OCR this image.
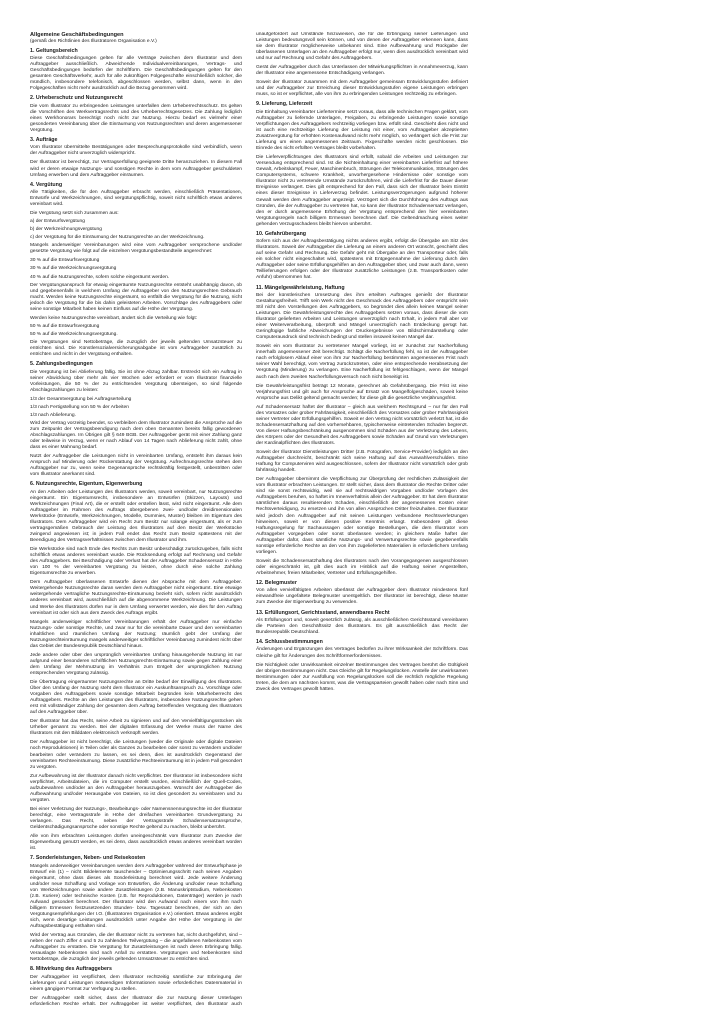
Allgemeine Geschäftsbedingungen

(gemäß den Richtlinien des Illustratoren Organisation e.V.)

1. Geltungsbereich

Diese Geschäftsbedingungen gelten für alle Verträge zwischen dem Illustrator und dem Auftraggeber ausschließlich. Abweichende Individualvereinbarungen, Vertrags- und Geschäftsbedingungen bedürfen der Schriftform. Die Geschäftsbedingungen gelten für den gesamten Geschäftsverkehr, auch für alle zukünftigen Folgegeschäfte einschließlich solcher, die mündlich, insbesondere telefonisch, abgeschlossen werden, selbst dann, wenn in den Folgegeschäften nicht mehr ausdrücklich auf die Bezug genommen wird.

2. Urheberschutz und Nutzungsrecht

Die vom Illustrator zu erbringenden Leistungen unterfallen dem Urheberrechtsschutz. Es gelten die Vorschriften des Werkvertragsrechts und des Urheberrechtsgesetzes. Die Zahlung lediglich eines Werkhonorars berechtigt noch nicht zur Nutzung. Hierzu bedarf es vielmehr einer gesonderten Vereinbarung über die Einräumung von Nutzungsrechten und deren angemessener Vergütung.

3. Aufträge

Vom Illustrator übermittelte Bestätigungen oder Besprechungsprotokolle sind verbindlich, wenn der Auftraggeber nicht unverzüglich widerspricht.

Der Illustrator ist berechtigt, zur Vertragserfüllung geeignete Dritte heranzuziehen. In diesem Fall wird er deren etwaige Nutzungs- und sonstigen Rechte in dem vom Auftraggeber geschuldeten Umfang erwerben und dem Auftraggeber einräumen.

4. Vergütung

Alle Tätigkeiten, die für den Auftraggeber erbracht werden, einschließlich Präsentationen, Entwürfe und Werkzeichnungen, sind vergütungspflichtig, soweit nicht schriftlich etwas anderes vereinbart wird.

Die Vergütung setzt sich zusammen aus:

a) der Entwurfsvergütung

b) der Werkzeichnungsvergütung

c) der Vergütung für die Einräumung der Nutzungsrechte an der Werkzeichnung.

Mangels anderweitiger Vereinbarungen wird eine vom Auftraggeber versprochene und/oder gesetzte Vergütung wie folgt auf die einzelnen Vergütungsbestandteile angerechnet:

30 % auf die Entwurfsvergütung

30 % auf die Werkzeichnungsvergütung

40 % auf die Nutzungsrechte, sofern solche eingeräumt werden.

Der Vergütungsanspruch für etwaig eingeräumte Nutzungsrechte entsteht unabhängig davon, ob und gegebenenfalls in welchem Umfang der Auftraggeber von den Nutzungsrechten Gebrauch macht. Werden keine Nutzungsrechte eingeräumt, so entfällt die Vergütung für die Nutzung, nicht jedoch die Vergütung für die bis dahin geleisteten Arbeiten. Vorschläge des Auftraggebers oder seine sonstige Mitarbeit haben keinen Einfluss auf die Höhe der Vergütung.

Werden keine Nutzungsrechte vereinbart, ändert sich die Verteilung wie folgt:

50 % auf die Entwurfsvergütung

50 % auf die Werkzeichnungsvergütung.

Die Vergütungen sind Nettobeträge, die zuzüglich der jeweils geltenden Umsatzsteuer zu entrichten sind. Die Künstlersozialversicherungsabgabe ist vom Auftraggeber zusätzlich zu entrichten und nicht in der Vergütung enthalten.

5. Zahlungsbedingungen

Die Vergütung ist bei Ablieferung fällig. Sie ist ohne Abzug zahlbar. Erstreckt sich ein Auftrag in seiner Abwicklung über mehr als vier Wochen oder erfordert er vom Illustrator finanzielle Vorleistungen, die 50 % der zu entrichtenden Vergütung übersteigen, so sind folgende Abschlagszahlungen zu leisten:

1/3 der Gesamtvergütung bei Auftragserteilung

1/3 nach Fertigstellung von 50 % der Arbeiten

1/3 nach Ablieferung.

Wird der Vertrag vorzeitig beendet, so verbleiben dem Illustrator zumindest die Ansprüche auf die zum Zeitpunkt der Vertragsbeendigung nach dem oben Genannten bereits fällig gewordenen Abschlagszahlungen. Im Übrigen gilt § 649 BGB. Der Auftraggeber gerät mit einer Zahlung ganz oder teilweise in Verzug, wenn er nach Ablauf von 14 Tagen nach Ablieferung nicht zahlt, ohne dass es einer Mahnung bedarf.

Nutzt der Auftraggeber die Leistungen nicht in vereinbarten Umfang, entsteht ihm daraus kein Anspruch auf Minderung oder Rückerstattung der Vergütung. Aufrechnungsrechte stehen dem Auftraggeber nur zu, wenn seine Gegenansprüche rechtskräftig festgestellt, unbestritten oder vom Illustrator anerkannt sind.

6. Nutzungsrechte, Eigentum, Eigenwerbung

An den Arbeiten oder Leistungen des Illustrators werden, soweit vereinbart, nur Nutzungsrechte eingeräumt. Ein Eigentumsrecht, insbesondere an Entwürfen (Skizzen, Layouts) und Werkzeichnungen (Final Art), die er erstellt oder erstellen lässt, wird nicht eingeräumt. Alle dem Auftraggeber im Rahmen des Auftrags übergebenen zwei- und/oder dreidimensionalen Werkstücke (Entwürfe, Werkzeichnungen, Modelle, Dummies, Muster) bleiben im Eigentum des Illustrators. Dem Auftraggeber wird ein Recht zum Besitz nur solange eingeräumt, als er zum vertragsgemäßen Gebrauch der Leistung des Illustrators auf den Besitz der Werkstücke zwingend angewiesen ist; in jedem Fall endet das Recht zum Besitz spätestens mit der Beendigung des Vertragsverhältnisses zwischen dem Illustrator und ihm.

Die Werkstücke sind nach Ende des Rechts zum Besitz unbeschädigt zurückzugeben, falls nicht schriftlich etwas anderes vereinbart wurde. Die Rücksendung erfolgt auf Rechnung und Gefahr des Auftraggebers. Bei Beschädigung oder Verlust hat der Auftraggeber Schadensersatz in Höhe von 100 % der vereinbarten Vergütung zu leisten, ohne durch eine solche Zahlung Eigentumsrechte zu erwerben.

Dem Auftraggeber überlassenen Entwürfe dienen der Absprache mit dem Auftraggeber. Weitergehende Nutzungsrechte daran werden dem Auftraggeber nicht eingeräumt. Eine etwaige weitergehende vertragliche Nutzungsrechte-Einräumung bezieht sich, sofern nicht ausdrücklich anderes vereinbart wird, ausschließlich auf die abgenommene Werkzeichnung. Die Leistungen und Werke des Illustrators dürfen nur in dem Umfang verwertet werden, wie dies für den Auftrag vereinbart ist oder sich aus dem Zweck des Auftrags ergibt.

Mangels anderweitiger schriftlicher Vereinbarungen erhält der Auftraggeber nur einfache Nutzungs- oder sonstige Rechte, und zwar nur für die vereinbarte Dauer und den vereinbarten inhaltlichen und räumlichen Umfang der Nutzung; räumlich gebt der Umfang der Nutzungsrechteinräumung mangels anderweitiger schriftlicher Vereinbarung zumindest nicht über das Gebiet der Bundesrepublik Deutschland hinaus.

Jede andere oder über den ursprünglich vereinbarten Umfang hinausgehende Nutzung ist nur aufgrund einer besonderen schriftlichen Nutzungsrechts-Einräumung sowie gegen Zahlung einer dem Umfang der Mehrnutzung im Verhältnis zum Entgelt der ursprünglichen Nutzung entsprechenden Vergütung zulässig.

Die Übertragung eingeräumter Nutzungsrechte an Dritte bedarf der Einwilligung des Illustrators. Über den Umfang der Nutzung steht dem Illustrator ein Auskunftsanspruch zu. Vorschläge oder Vorgaben des Auftraggebers sowie sonstige Mitarbeit begründen kein Miturheberrecht des Auftraggebers. Rechte an den Leistungen des Illustrators, insbesondere Nutzungsrechte gehen erst mit vollständiger Zahlung der gesamten dem Auftrag betreffenden Vergütung des Illustrators auf den Auftraggeber über.

Der Illustrator hat das Recht, seine Arbeit zu signieren und auf den Vervielfältigungsstücken als Urheber genannt zu werden. Bei der digitalen Erfassung der Werke muss der Name des Illustrators mit den Bilddaten elektronisch verknüpft werden.

Der Auftraggeber ist nicht berechtigt, die Leistungen (weder die Originale oder digitale Dateien noch Reproduktionen) in Teilen oder als Ganzes zu bearbeiten oder sonst zu verändern und/oder bearbeiten oder verändern zu lassen, es sei denn, dies ist ausdrücklich Gegenstand der vereinbarten Rechteeinräumung. Diese zusätzliche Rechteeinräumung ist in jedem Fall gesondert zu vergüten.

Zur Aufbewahrung ist der Illustrator danach nicht verpflichtet. Der Illustrator ist insbesondere nicht verpflichtet, Arbeitsdateien, die im Computer erstellt wurden, einschließlich der Quell-Codes, aufzubewahren und/oder an den Auftraggeber herauszugeben. Wünscht der Auftraggeber die Aufbewahrung und/oder Herausgabe von Dateien, so ist dies gesondert zu vereinbaren und zu vergüten.

Bei einer Verletzung der Nutzungs-, Bearbeitungs- oder Namensnennungsrechte ist der Illustrator berechtigt, eine Vertragsstrafe in Höhe der dreifachen vereinbarten Grundvergütung zu verlangen. Das Recht, neben der Vertragsstrafe Schadensersatzansprüche, Geldentschädigungsansprüche oder sonstige Rechte geltend zu machen, bleibt unberührt.

Alle von ihm erbrachten Leistungen dürfen uneingeschränkt vom Illustrator zum Zwecke der Eigenwerbung genutzt werden, es sei denn, dass ausdrücklich etwas anderes vereinbart worden ist.

7. Sonderleistungen, Neben- und Reisekosten

Mangels anderweitiger Vereinbarungen werden dem Auftraggeber während der Entwurfsphase je Entwurf ein (1) – nicht Bildelemente tauschender – Optimierungsschritt nach seinen Angaben eingeräumt, ohne dass dieses als Sonderleistung berechnet wird. Jede weitere Änderung und/oder neue Schaffung und Vorlage von Entwürfen, die Änderung und/oder neue Schaffung von Werkzeichnungen sowie andere Zusatzleistungen (z.B. Manuskriptstudium, Nebenkosten (z.B. Kuriere) oder technische Kosten (z.B. für Reproduktionen, Datenträger) werden je nach Aufwand gesondert berechnet. Der Illustrator wird den Aufwand nach einem von ihm nach billigem Ermessen festzusetzenden Stunden- bzw. Tagessatz berechnen, der sich an den Vergütungsempfehlungen der I.O. (Illustratoren Organisation e.V.) orientiert. Etwas anderes ergibt sich, wenn derartige Leistungen ausdrücklich unter Angabe der Höhe der Vergütung in der Auftragsbestätigung enthalten sind.

Wird der Vertrag aus Gründen, die der Illustrator nicht zu vertreten hat, nicht durchgeführt, sind – neben der nach Ziffer 4 und 5 zu zahlenden Teilvergütung – die angefallenen Nebenkosten vom Auftraggeber zu erstatten. Die Vergütung für Zusatzleistungen ist nach deren Erbringung fällig. Verauslagte Nebenkosten sind nach Anfall zu erstatten. Vergütungen und Nebenkosten sind Nettobeträge, die zuzüglich der jeweils geltenden Umsatzsteuer zu entrichten sind.

8. Mitwirkung des Auftraggebers

Der Auftraggeber ist verpflichtet, dem Illustrator rechtzeitig sämtliche zur Erbringung der Lieferungen und Leistungen notwendigen Informationen sowie erforderliches Datenmaterial in einem gängigen Format zur Verfügung zu stellen.

Der Auftraggeber stellt sicher, dass der Illustrator die zur Nutzung dieser Unterlagen erforderlichen Rechte erhält. Der Auftraggeber ist weiter verpflichtet, den Illustrator auch unaufgefordert auf Umstände hinzuweisen, die für die Erbringung seiner Lieferungen und Leistungen bedeutungsvoll sein können, und von denen der Auftraggeber erkennen kann, dass sie dem Illustrator möglicherweise unbekannt sind. Eine Aufbewahrung und Rückgabe der überlassenen Unterlagen an den Auftraggeber erfolgt nur, wenn dies ausdrücklich vereinbart wird und nur auf Rechnung und Gefahr des Auftraggebers.

Gerät der Auftraggeber durch das Unterlassen der Mitwirkungspflichten in Annahmeverzug, kann der Illustrator eine angemessene Entschädigung verlangen.

Soweit der Illustrator zusammen mit dem Auftraggeber gemeinsam Entwicklungsstufen definiert und der Auftraggeber zur Erreichung dieser Entwicklungsstufen eigene Leistungen erbringen muss, so ist er verpflichtet, alle von ihm zu erbringenden Leistungen rechtzeitig zu erbringen.

9. Lieferung, Lieferzeit

Die Einhaltung vereinbarter Liefertermine setzt voraus, dass alle technischen Fragen geklärt, vom Auftraggeber zu liefernde Unterlagen, Freigaben, zu erbringende Leistungen sowie sonstige Verpflichtungen des Auftraggebers rechtzeitig vorliegen bzw. erfüllt sind. Geschieht dies nicht und ist auch eine rechtzeitige Lieferung der Leistung mit einer, vom Auftraggeber akzeptierten Zusatzvergütung für erhöhten Kostenaufwand nicht mehr möglich, so verlängert sich die Frist zur Lieferung um einen angemessenen Zeitraum. Fixgeschäfte werden nicht geschlossen. Die Einrede des nicht erfüllten Vertrages bleibt vorbehalten.

Die Lieferverpflichtungen des Illustrators sind erfüllt, sobald die Arbeiten und Leistungen zur Versendung entsprechend sind. Ist die Nichteinhaltung einer vereinbarten Lieferfrist auf höhere Gewalt, Arbeitskampf, Feuer, Maschinenbruch, Störungen der Telekommunikation, Störungen des Computersystems, schwere Krankheit, unvorhergesehene Hindernisse oder sonstige vom Illustrator nicht zu vertretende Umstände zurückzuführen, wird die Lieferfrist für die Dauer dieser Ereignisse verlängert. Dies gilt entsprechend für den Fall, dass sich der Illustrator beim Eintritt eines dieser Ereignisse in Lieferverzug befindet. Leistungsverzögerungen aufgrund höherer Gewalt werden dem Auftraggeber angezeigt. Verzögert sich die Durchführung des Auftrags aus Gründen, die der Auftraggeber zu vertreten hat, so kann der Illustrator Schadensersatz verlangen, den er durch angemessene Erhöhung der Vergütung entsprechend den hier vereinbarten Vergütungsregeln nach billigem Ermessen berechnen darf. Die Geltendmachung eines weiter gehenden Verzugsschadens bleibt hiervon unberührt.

10. Gefahrübergang

Sofern sich aus der Auftragsbestätigung nichts anderes ergibt, erfolgt die Übergabe am Sitz des Illustrators. Soweit der Auftraggeber die Lieferung an einem anderen Ort wünscht, geschieht dies auf seine Gefahr und Rechnung. Die Gefahr geht mit Übergabe an den Transporteur oder, falls ein solcher nicht eingeschaltet wird, spätestens mit Entgegennahme der Lieferung durch den Auftraggeber oder seine Erfüllungsgehilfen an den Auftraggeber über, und zwar auch dann, wenn Teillieferungen erfolgen oder der Illustrator zusätzliche Leistungen (z.B. Transportkosten oder Anfuhr) übernommen hat.

11. Mängelgewährleistung, Haftung

Bei der künstlerischen Umsetzung des ihm erteilten Auftrages genießt der Illustrator Gestaltungsfreiheit. Trifft sein Werk nicht den Geschmack des Auftraggebers oder entspricht sein Stil nicht den Vorstellungen des Auftraggebers, so begründet dies allein keinen Mangel seiner Leistungen. Die Gewährleistungsrechte des Auftraggebers setzen voraus, dass dieser die vom Illustrator gelieferten Arbeiten und Leistungen unverzüglich nach Erhalt, in jedem Fall aber vor einer Weiterverarbeitung, überprüft und Mängel unverzüglich nach Entdeckung gerügt hat. Geringfügige farbliche Abweichungen der Druckergebnisse von Bildschirmdarstellung oder Computerausdruck sind technisch bedingt und stellen insoweit keinen Mangel dar.

Soweit ein vom Illustrator zu vertretener Mangel vorliegt, ist er zunächst zur Nacherfüllung innerhalb angemessener Zeit berechtigt. Schlägt die Nacherfüllung fehl, so ist der Auftraggeber nach erfolglosem Ablauf einer von ihm zur Nacherfüllung bestimmten angemessenen Frist nach seiner Wahl berechtigt, vom Vertrag zurückzutreten, oder eine entsprechende Herabsetzung der Vergütung (Minderung) zu verlangen. Eine Nacherfüllung ist fehlgeschlagen, wenn der Mangel auch nach dem zweiten Nacherfüllungsversuch noch nicht beseitigt ist.

Die Gewährleistungsfrist beträgt 12 Monate, gerechnet ab Gefahrübergang. Die Frist ist eine Verjährungsfrist und gilt auch für Ansprüche auf Ersatz von Mangelfolgeschäden, soweit keine Ansprüche aus Delikt geltend gemacht werden; für diese gilt die gesetzliche Verjährungsfrist.

Auf Schadensersatz haftet der Illustrator – gleich aus welchem Rechtsgrund – nur für den Fall des Vorsatzes oder grober Fahrlässigkeit, einschließlich des Vorsatzes oder grober Fahrlässigkeit seiner Vertreter oder Erfüllungsgehilfen. Soweit er den Vertrag nicht vorsätzlich verletzt hat, ist die Schadensersatzhaftung auf den vorhersehbaren, typischerweise eintretenden Schaden begrenzt. Von dieser Haftungsbeschränkung ausgenommen sind Schäden aus der Verletzung des Lebens, des Körpers oder der Gesundheit des Auftraggebers sowie Schäden auf Grund von Verletzungen der Kardinalpflichten des Illustrators.

Soweit der Illustrator Dienstleistungen Dritter (z.B. Fotografen, Service-Provider) lediglich an den Auftraggeber durchreicht, beschränkt sich seine Haftung auf das Auswahlverschulden. Eine Haftung für Computerviren wird ausgeschlossen, sofern der Illustrator nicht vorsätzlich oder grob fahrlässig handelt.

Der Auftraggeber übernimmt die Verpflichtung zur Überprüfung der rechtlichen Zulässigkeit der vom Illustrator erbrachten Leistungen. Er stellt sicher, dass dem Illustrator die Rechte Dritter oder sind sie sonst rechtswidrig, weil sie auf rechtswidrigen Vorgaben und/oder Vorlagen des Auftraggebers beruhen, so haftet im Innenverhältnis allein der Auftraggeber. Er hat dem Illustrator sämtlichen daraus resultierenden Schaden, einschließlich der angemessenen Kosten einer Rechtsverteidigung, zu ersetzen und ihn von allen Ansprüchen Dritter freizuhalten. Der Illustrator wird jedoch den Auftraggeber auf mit seinen Leistungen verbundene Rechtsverletzungen hinweisen, soweit er von diesen positive Kenntnis erlangt. Insbesondere gilt diese Haftungsregelung für Sachaussagen oder sonstige Bestellungen, die dem Illustrator vom Auftraggeber vorgegeben oder sonst überlassen werden; in gleichem Maße haftet der Auftraggeber dafür, dass sämtliche Nutzungs- und Verwertungsrechte sowie gegebenenfalls sonstige erforderliche Rechte an den von ihm zugelieferten Materialien in erforderlichem Umfang vorliegen.

Soweit die Schadensersatzhaftung des Illustrators nach den Vorangegangenen ausgeschlossen oder eingeschränkt ist, gilt dies auch im Hinblick auf die Haftung seiner Angestellten, Arbeitnehmer, freien Mitarbeiter, Vertreter und Erfüllungsgehilfen.

12. Belegmuster

Von allen vervielfältigten Arbeiten überlässt der Auftraggeber dem Illustrator mindestens fünf einwandfreie ungefaltete Belegmuster unentgeltlich. Der Illustrator ist berechtigt, diese Muster zum Zwecke der Eigenwerbung zu verwenden.

13. Erfüllungsort, Gerichtsstand, anwendbares Recht

Als Erfüllungsort und, soweit gesetzlich zulässig, als ausschließlichen Gerichtsstand vereinbaren die Parteien den Geschäftssitz des Illustrators. Es gilt ausschließlich das Recht der Bundesrepublik Deutschland.

14. Schlussbestimmungen

Änderungen und Ergänzungen des Vertrages bedürfen zu ihrer Wirksamkeit der Schriftform. Das Gleiche gilt für Änderungen des Schriftformerfordernisses.

Die Nichtigkeit oder Unwirksamkeit einzelner Bestimmungen des Vertrages berührt die Gültigkeit der übrigen Bestimmungen nicht. Das Gleiche gilt für Regelungslücken. Anstelle der unwirksamen Bestimmungen oder zur Ausfüllung von Regelungslücken soll die rechtlich mögliche Regelung treten, die dem am nächsten kommt, was die Vertragsparteien gewollt haben oder nach Sinn und Zweck des Vertrages gewollt hätten.
